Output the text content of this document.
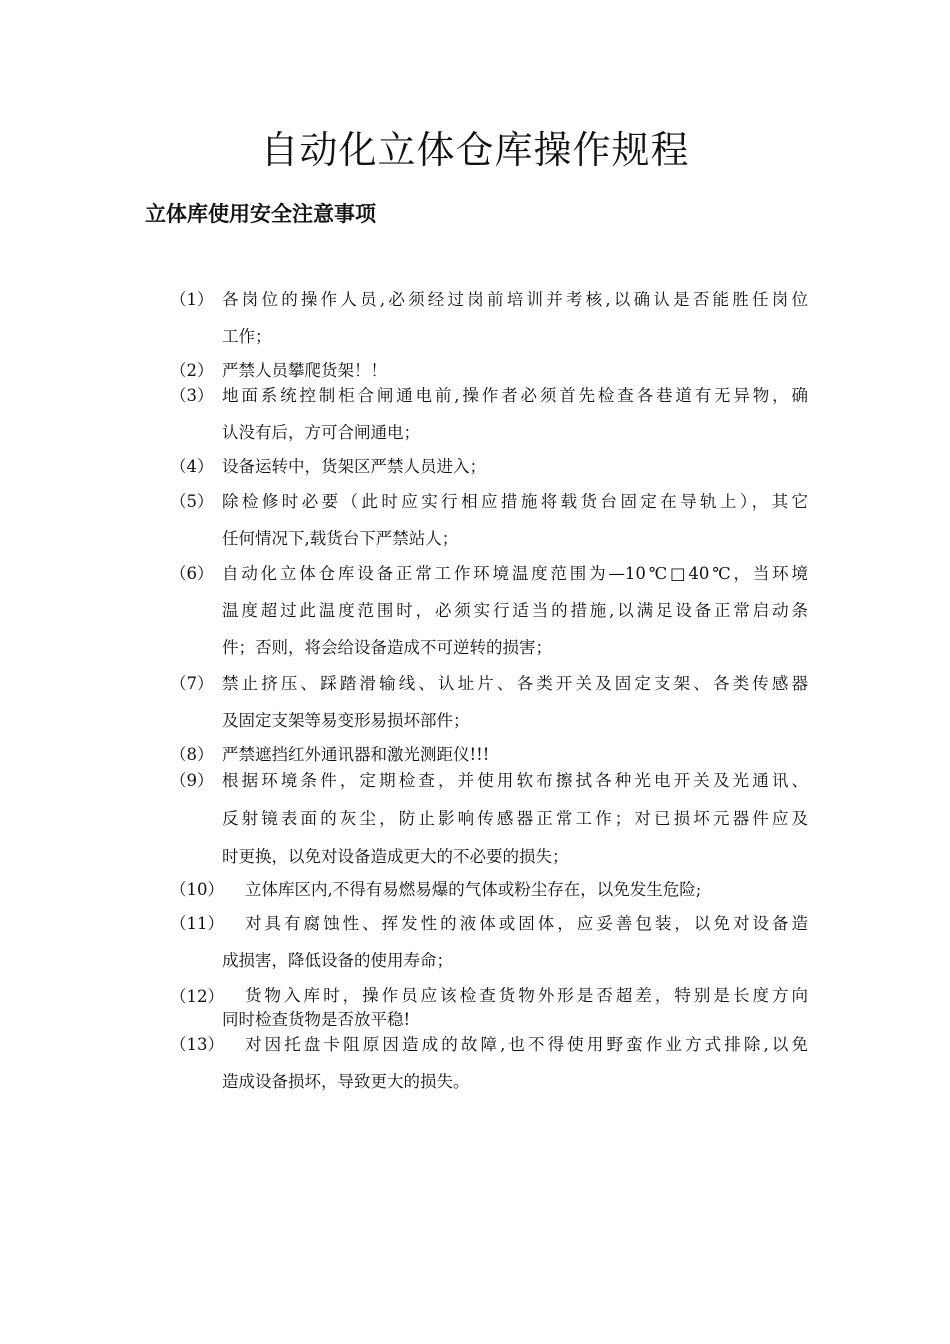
自动化立体仓库操作规程
立体库使用安全注意事项
（1） 各岗位的操作人员,必须经过岗前培训并考核,以确认是否能胜任岗位
工作；
（2） 严禁人员攀爬货架！！
（3） 地面系统控制柜合闸通电前,操作者必须首先检查各巷道有无异物，确
认没有后，方可合闸通电；
（4） 设备运转中，货架区严禁人员进入；
（5） 除检修时必要（此时应实行相应措施将载货台固定在导轨上），其它
任何情况下,载货台下严禁站人；
（6） 自动化立体仓库设备正常工作环境温度范围为—10℃□40℃，当环境
温度超过此温度范围时，必须实行适当的措施,以满足设备正常启动条
件；否则，将会给设备造成不可逆转的损害；
（7） 禁止挤压、踩踏滑输线、认址片、各类开关及固定支架、各类传感器
及固定支架等易变形易损坏部件；
（8） 严禁遮挡红外通讯器和激光测距仪!!!
（9） 根据环境条件，定期检查，并使用软布擦拭各种光电开关及光通讯、
反射镜表面的灰尘，防止影响传感器正常工作；对已损坏元器件应及
时更换，以免对设备造成更大的不必要的损失；
（10） 立体库区内,不得有易燃易爆的气体或粉尘存在，以免发生危险;
（11） 对具有腐蚀性、挥发性的液体或固体，应妥善包装，以免对设备造
成损害，降低设备的使用寿命；
（12） 货物入库时，操作员应该检查货物外形是否超差，特别是长度方向
同时检查货物是否放平稳!
（13） 对因托盘卡阻原因造成的故障,也不得使用野蛮作业方式排除,以免
造成设备损坏，导致更大的损失。
